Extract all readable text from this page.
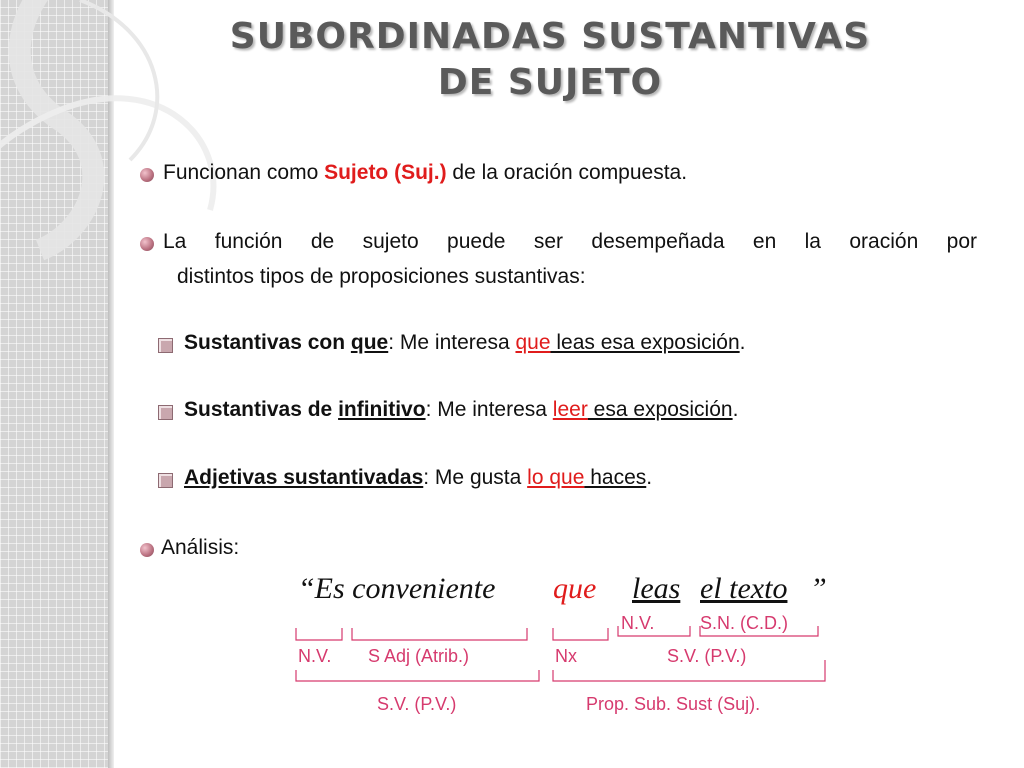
SUBORDINADAS SUSTANTIVAS
DE SUJETO
Funcionan como Sujeto (Suj.) de la oración compuesta.
La función de sujeto puede ser desempeñada en la oración por
distintos tipos de proposiciones sustantivas:
Sustantivas con que: Me interesa que leas esa exposición.
Sustantivas de infinitivo: Me interesa leer esa exposición.
Adjetivas sustantivadas: Me gusta lo que haces.
Análisis:
“Es conveniente que leas el texto ”
N.V.	S.N. (C.D.)
N.V. S Adj (Atrib.)	Nx	S.V. (P.V.)
S.V. (P.V.)	Prop. Sub. Sust (Suj).
